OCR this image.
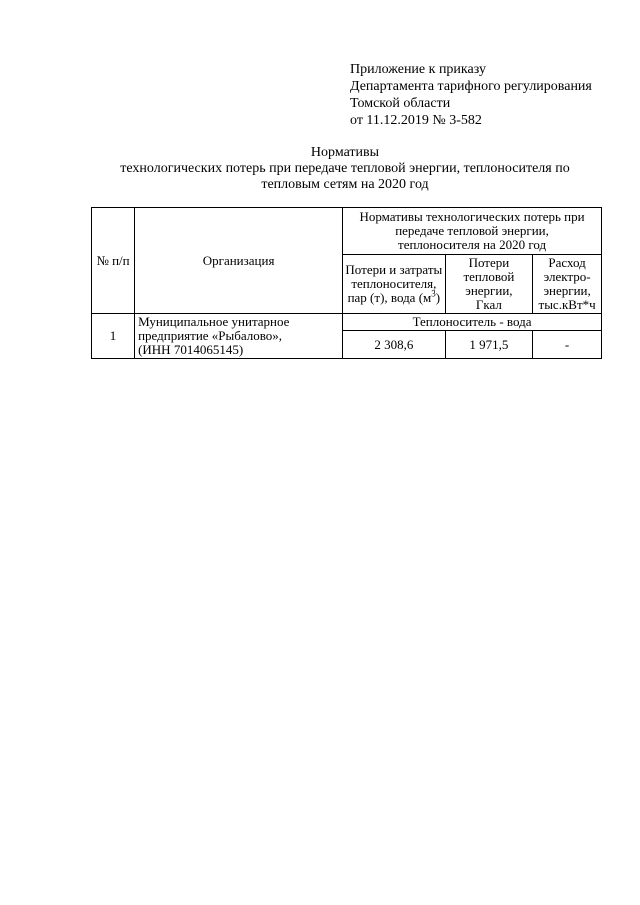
Приложение к приказу
Департамента тарифного регулирования
Томской области
от 11.12.2019 № 3-582
Нормативы
технологических потерь при передаче тепловой энергии, теплоносителя по
тепловым сетям на 2020 год
№ п/п	Организация	Нормативы технологических потерь при передаче тепловой энергии, теплоносителя на 2020 год		
		Потери и затраты теплоносителя, пар (т), вода $(м^3)$	Потери тепловой энергии, Гкал	Расход электро-энергии, тыс.кВт*ч
1	Муниципальное унитарное
предприятие «Рыбалово»,
(ИНН 7014065145)	Теплоноситель - вода		
		2 308,6	1 971,5	-
